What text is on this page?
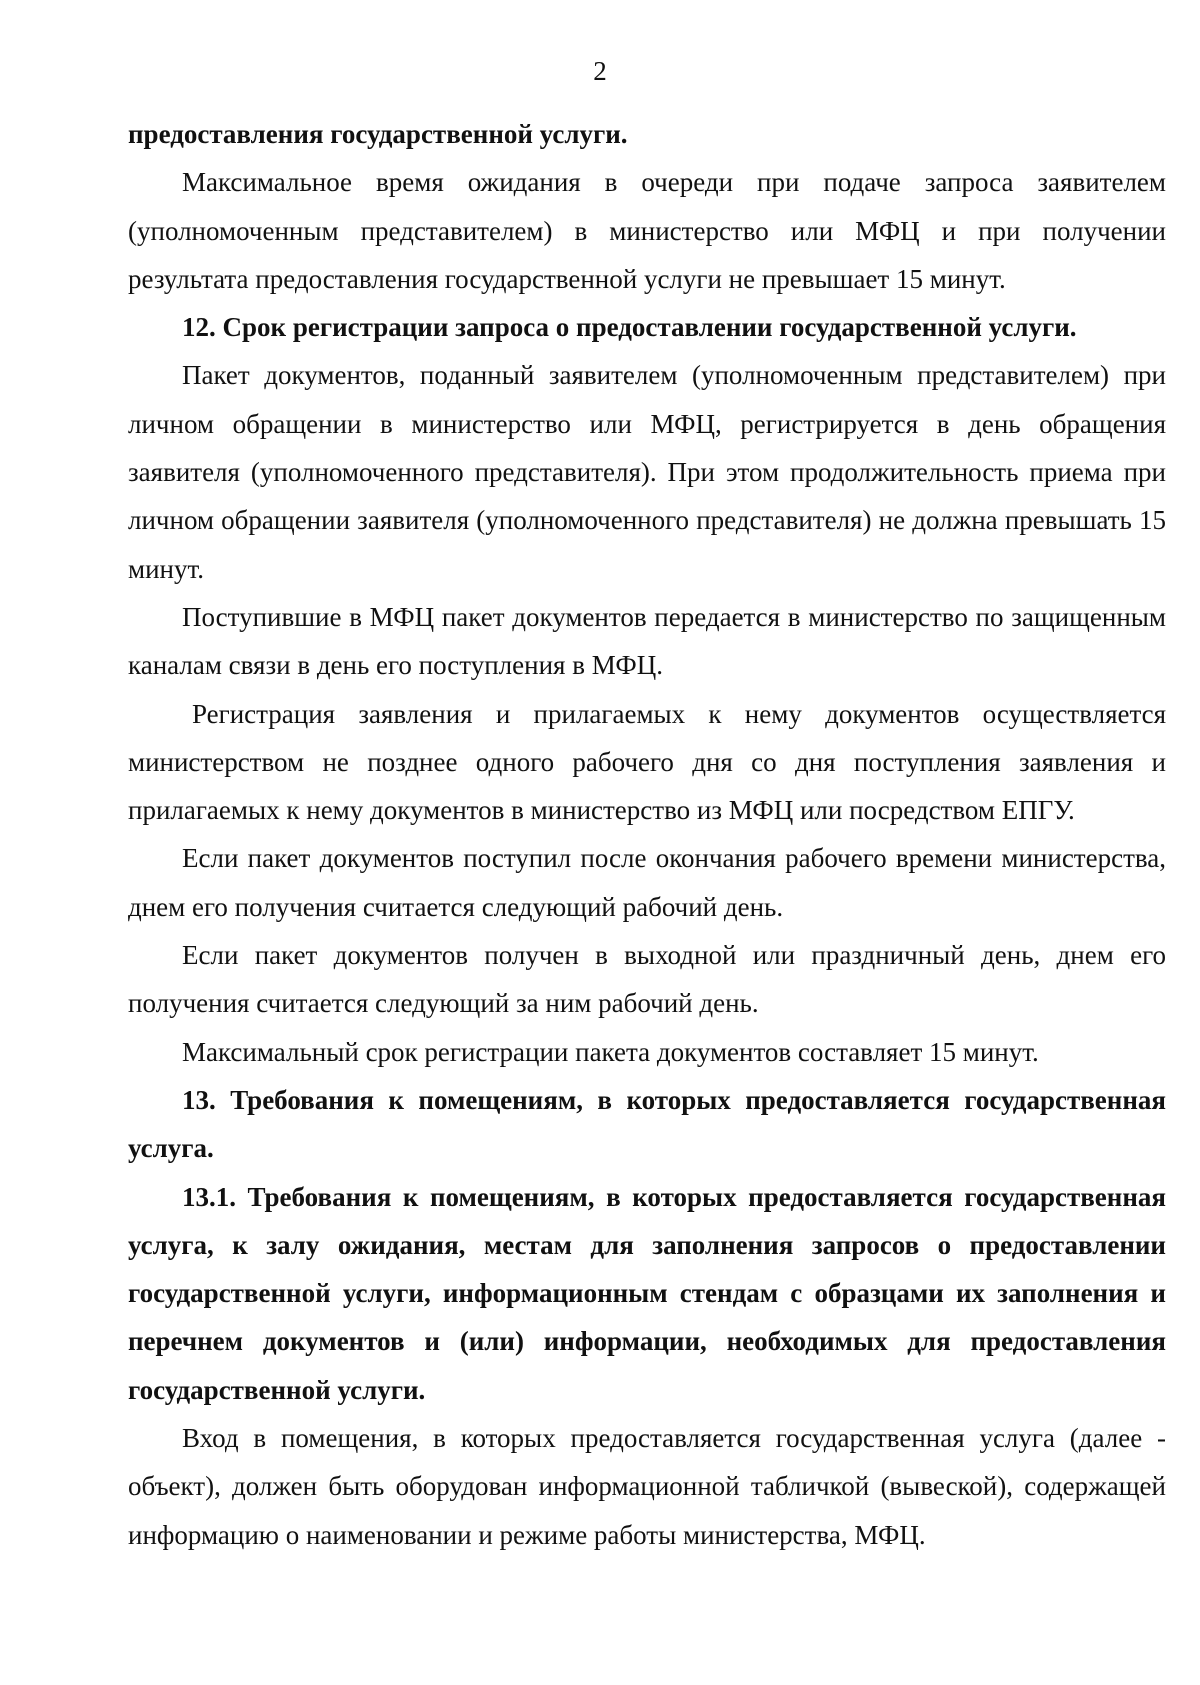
2

предоставления государственной услуги.

Максимальное время ожидания в очереди при подаче запроса заявителем (уполномоченным представителем) в министерство или МФЦ и при получении результата предоставления государственной услуги не превышает 15 минут.

12. Срок регистрации запроса о предоставлении государственной услуги.

Пакет документов, поданный заявителем (уполномоченным представителем) при личном обращении в министерство или МФЦ, регистрируется в день обращения заявителя (уполномоченного представителя). При этом продолжительность приема при личном обращении заявителя (уполномоченного представителя) не должна превышать 15 минут.

Поступившие в МФЦ пакет документов передается в министерство по защищенным каналам связи в день его поступления в МФЦ.

Регистрация заявления и прилагаемых к нему документов осуществляется министерством не позднее одного рабочего дня со дня поступления заявления и прилагаемых к нему документов в министерство из МФЦ или посредством ЕПГУ.

Если пакет документов поступил после окончания рабочего времени министерства, днем его получения считается следующий рабочий день.

Если пакет документов получен в выходной или праздничный день, днем его получения считается следующий за ним рабочий день.

Максимальный срок регистрации пакета документов составляет 15 минут.

13. Требования к помещениям, в которых предоставляется государственная услуга.

13.1. Требования к помещениям, в которых предоставляется государственная услуга, к залу ожидания, местам для заполнения запросов о предоставлении государственной услуги, информационным стендам с образцами их заполнения и перечнем документов и (или) информации, необходимых для предоставления государственной услуги.

Вход в помещения, в которых предоставляется государственная услуга (далее - объект), должен быть оборудован информационной табличкой (вывеской), содержащей информацию о наименовании и режиме работы министерства, МФЦ.
